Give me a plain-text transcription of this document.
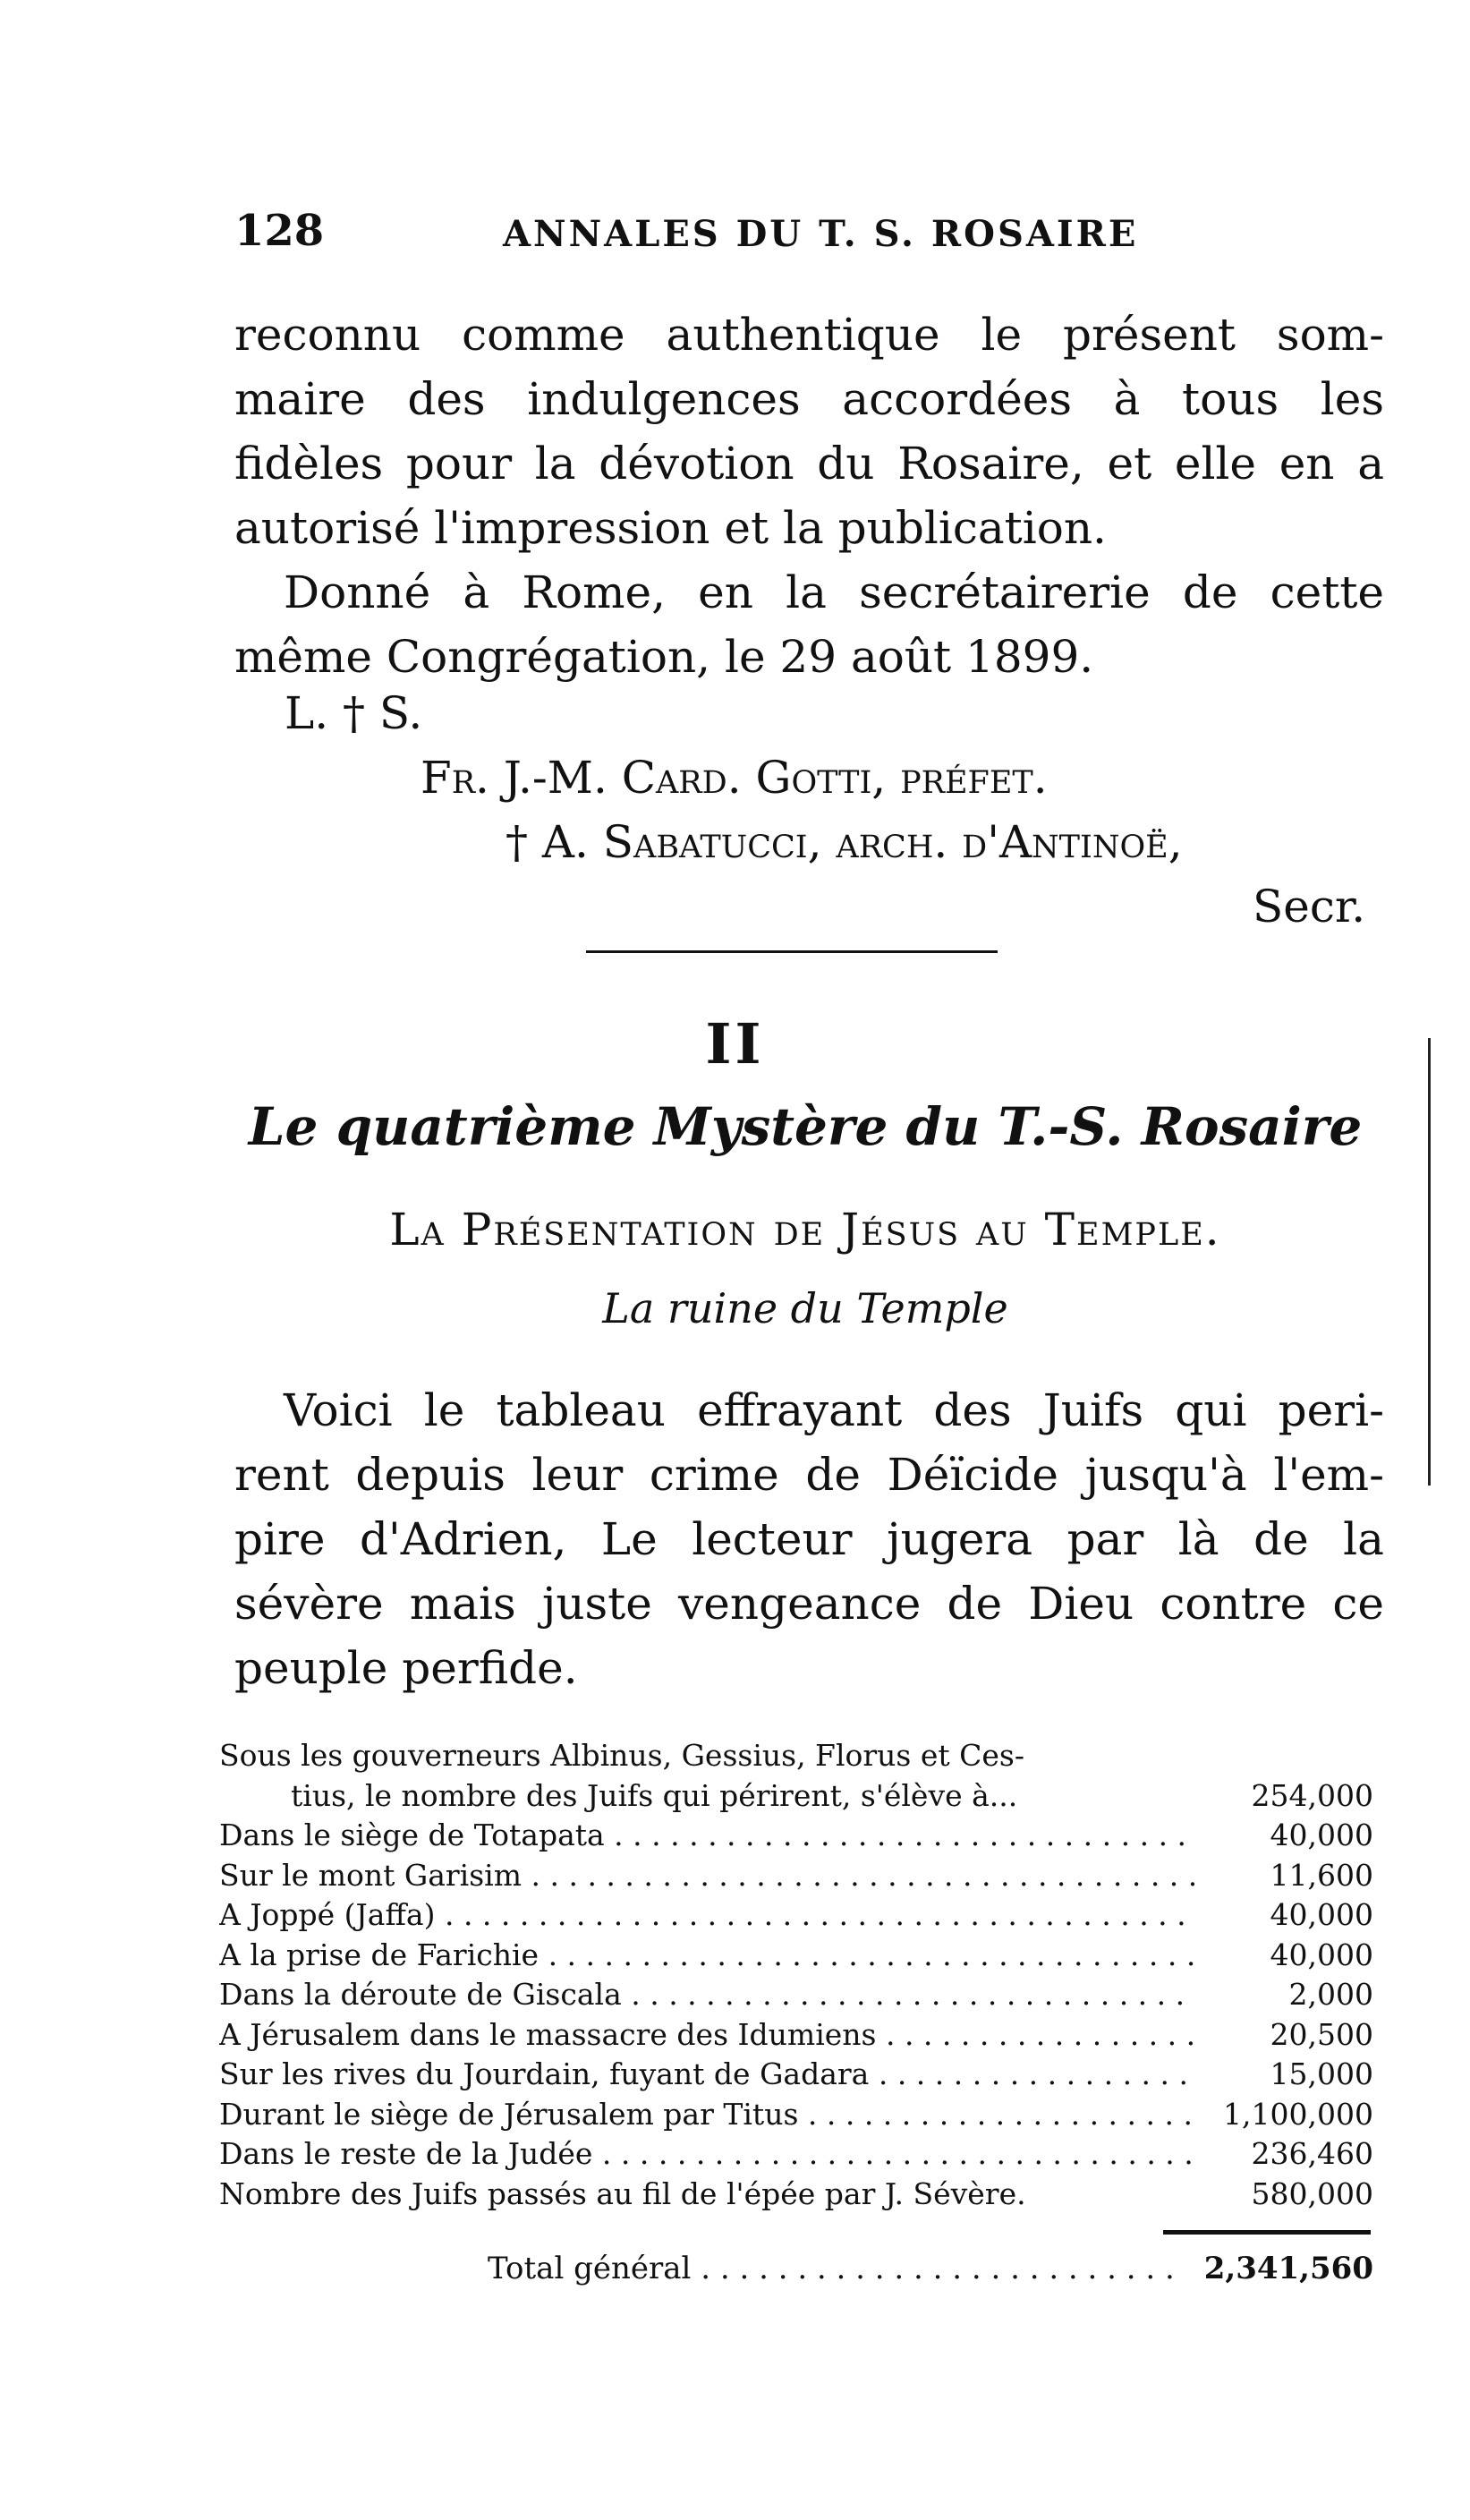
128	ANNALES DU T. S. ROSAIRE
reconnu comme authentique le présent som-
maire des indulgences accordées à tous les
fidèles pour la dévotion du Rosaire, et elle en a
autorisé l'impression et la publication.
Donné à Rome, en la secrétairerie de cette
même Congrégation, le 29 août 1899.
L. † S.
Fr. J.-M. Card. Gotti, préfet.
† A. Sabatucci, arch. d'Antinoë,
Secr.
II
Le quatrième Mystère du T.-S. Rosaire
La Présentation de Jésus au Temple.
La ruine du Temple
Voici le tableau effrayant des Juifs qui peri-
rent depuis leur crime de Déïcide jusqu'à l'em-
pire d'Adrien, Le lecteur jugera par là de la
sévère mais juste vengeance de Dieu contre ce
peuple perfide.
Sous les gouverneurs Albinus, Gessius, Florus et Ces-
tius, le nombre des Juifs qui périrent, s'élève à...	254,000
Dans le siège de Totapata . . .	40,000
Sur le mont Garisim . . .	11,600
A Joppé (Jaffa) . . .	40,000
A la prise de Farichie . . .	40,000
Dans la déroute de Giscala . . .	2,000
A Jérusalem dans le massacre des Idumiens . . .	20,500
Sur les rives du Jourdain, fuyant de Gadara . . .	15,000
Durant le siège de Jérusalem par Titus . . .	1,100,000
Dans le reste de la Judée . . .	236,460
Nombre des Juifs passés au fil de l'épée par J. Sévère.	580,000
Total général . . .	2,341,560
